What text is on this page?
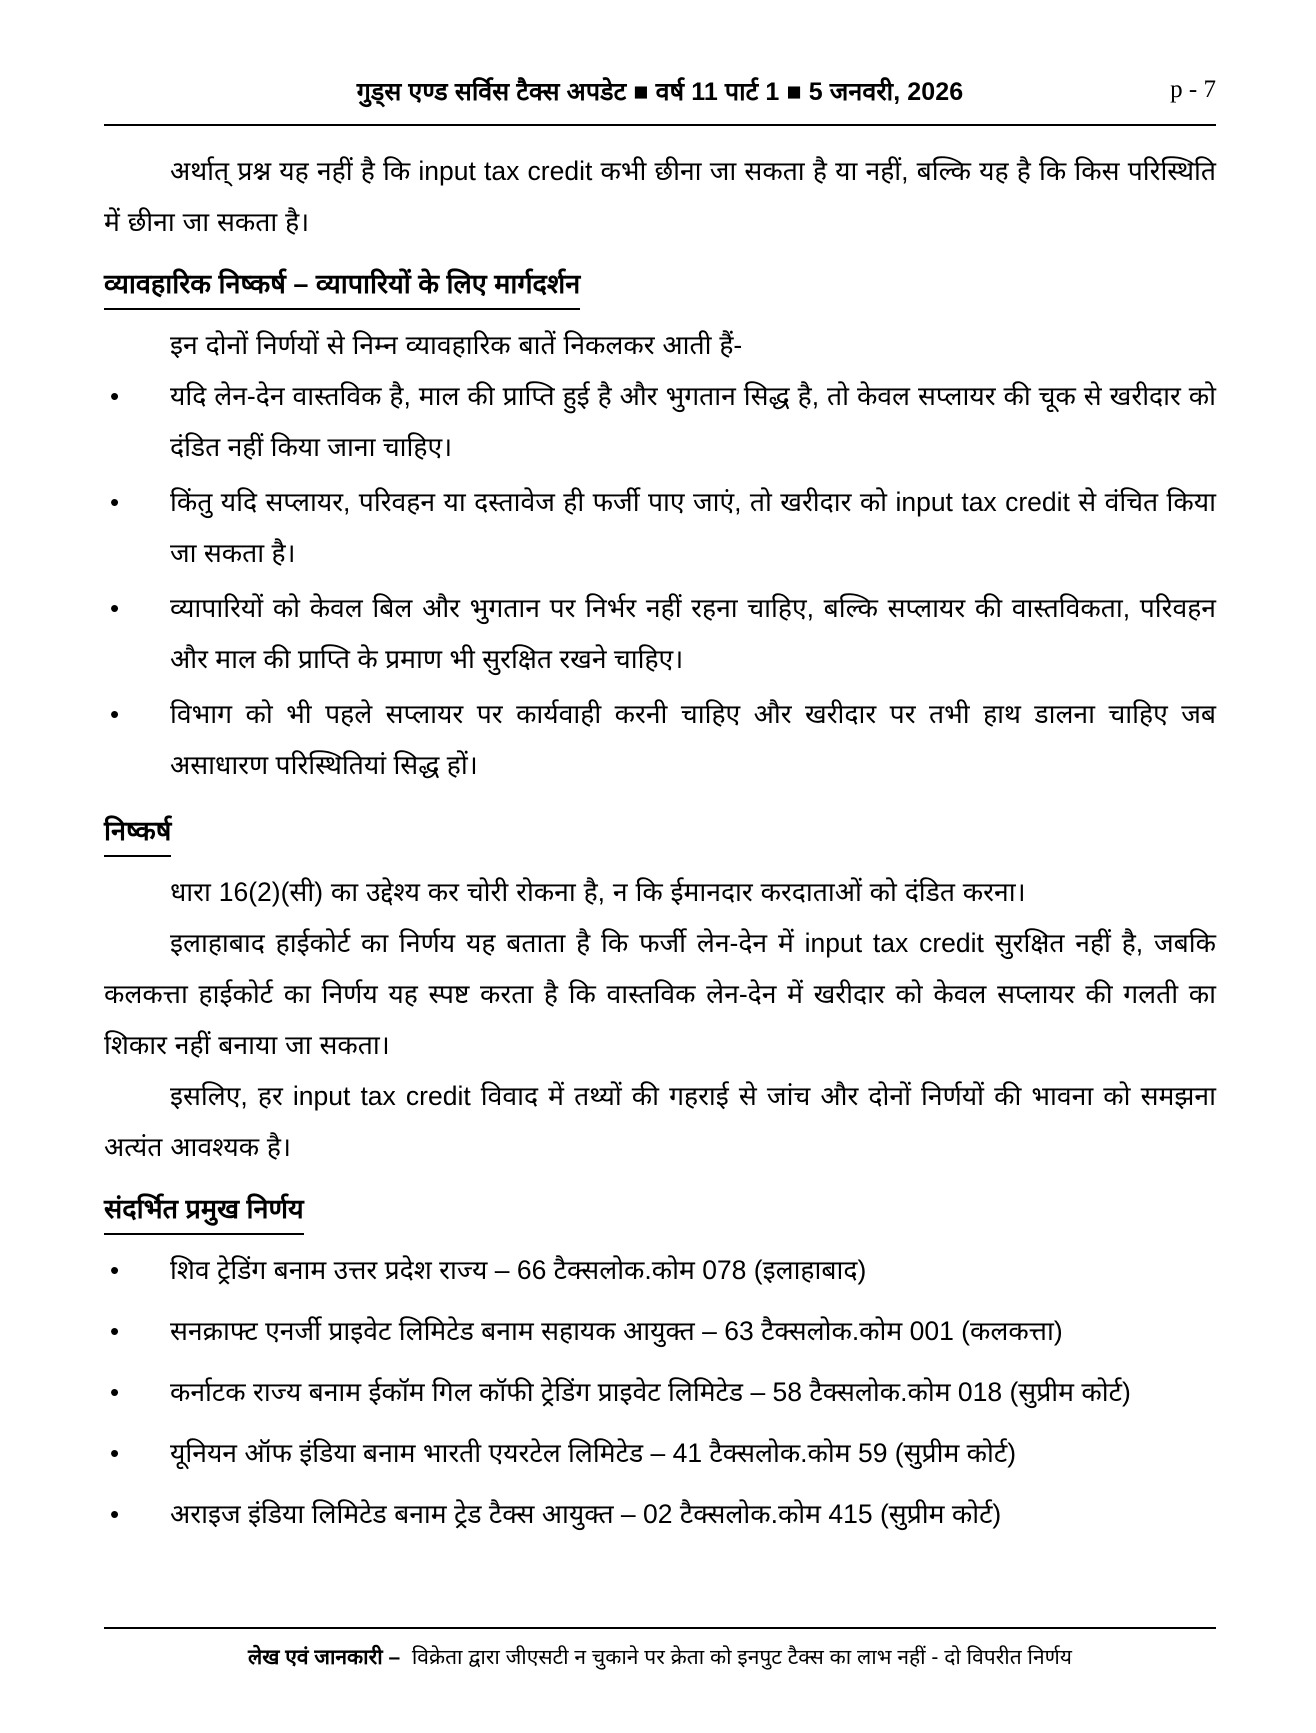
गुड्स एण्ड सर्विस टैक्स अपडेट ■ वर्ष 11 पार्ट 1 ■ 5 जनवरी, 2026	p - 7

अर्थात् प्रश्न यह नहीं है कि input tax credit कभी छीना जा सकता है या नहीं, बल्कि यह है कि किस परिस्थिति में छीना जा सकता है।

व्यावहारिक निष्कर्ष – व्यापारियों के लिए मार्गदर्शन

इन दोनों निर्णयों से निम्न व्यावहारिक बातें निकलकर आती हैं-

•	यदि लेन-देन वास्तविक है, माल की प्राप्ति हुई है और भुगतान सिद्ध है, तो केवल सप्लायर की चूक से खरीदार को दंडित नहीं किया जाना चाहिए।
•	किंतु यदि सप्लायर, परिवहन या दस्तावेज ही फर्जी पाए जाएं, तो खरीदार को input tax credit से वंचित किया जा सकता है।
•	व्यापारियों को केवल बिल और भुगतान पर निर्भर नहीं रहना चाहिए, बल्कि सप्लायर की वास्तविकता, परिवहन और माल की प्राप्ति के प्रमाण भी सुरक्षित रखने चाहिए।
•	विभाग को भी पहले सप्लायर पर कार्यवाही करनी चाहिए और खरीदार पर तभी हाथ डालना चाहिए जब असाधारण परिस्थितियां सिद्ध हों।
निष्कर्ष

धारा 16(2)(सी) का उद्देश्य कर चोरी रोकना है, न कि ईमानदार करदाताओं को दंडित करना।

इलाहाबाद हाईकोर्ट का निर्णय यह बताता है कि फर्जी लेन-देन में input tax credit सुरक्षित नहीं है, जबकि कलकत्ता हाईकोर्ट का निर्णय यह स्पष्ट करता है कि वास्तविक लेन-देन में खरीदार को केवल सप्लायर की गलती का शिकार नहीं बनाया जा सकता।

इसलिए, हर input tax credit विवाद में तथ्यों की गहराई से जांच और दोनों निर्णयों की भावना को समझना अत्यंत आवश्यक है।

संदर्भित प्रमुख निर्णय
•	शिव ट्रेडिंग बनाम उत्तर प्रदेश राज्य – 66 टैक्सलोक.कोम 078 (इलाहाबाद)
•	सनक्राफ्ट एनर्जी प्राइवेट लिमिटेड बनाम सहायक आयुक्त – 63 टैक्सलोक.कोम 001 (कलकत्ता)
•	कर्नाटक राज्य बनाम ईकॉम गिल कॉफी ट्रेडिंग प्राइवेट लिमिटेड – 58 टैक्सलोक.कोम 018 (सुप्रीम कोर्ट)
•	यूनियन ऑफ इंडिया बनाम भारती एयरटेल लिमिटेड – 41 टैक्सलोक.कोम 59 (सुप्रीम कोर्ट)
•	अराइज इंडिया लिमिटेड बनाम ट्रेड टैक्स आयुक्त – 02 टैक्सलोक.कोम 415 (सुप्रीम कोर्ट)
लेख एवं जानकारी – विक्रेता द्वारा जीएसटी न चुकाने पर क्रेता को इनपुट टैक्स का लाभ नहीं - दो विपरीत निर्णय
